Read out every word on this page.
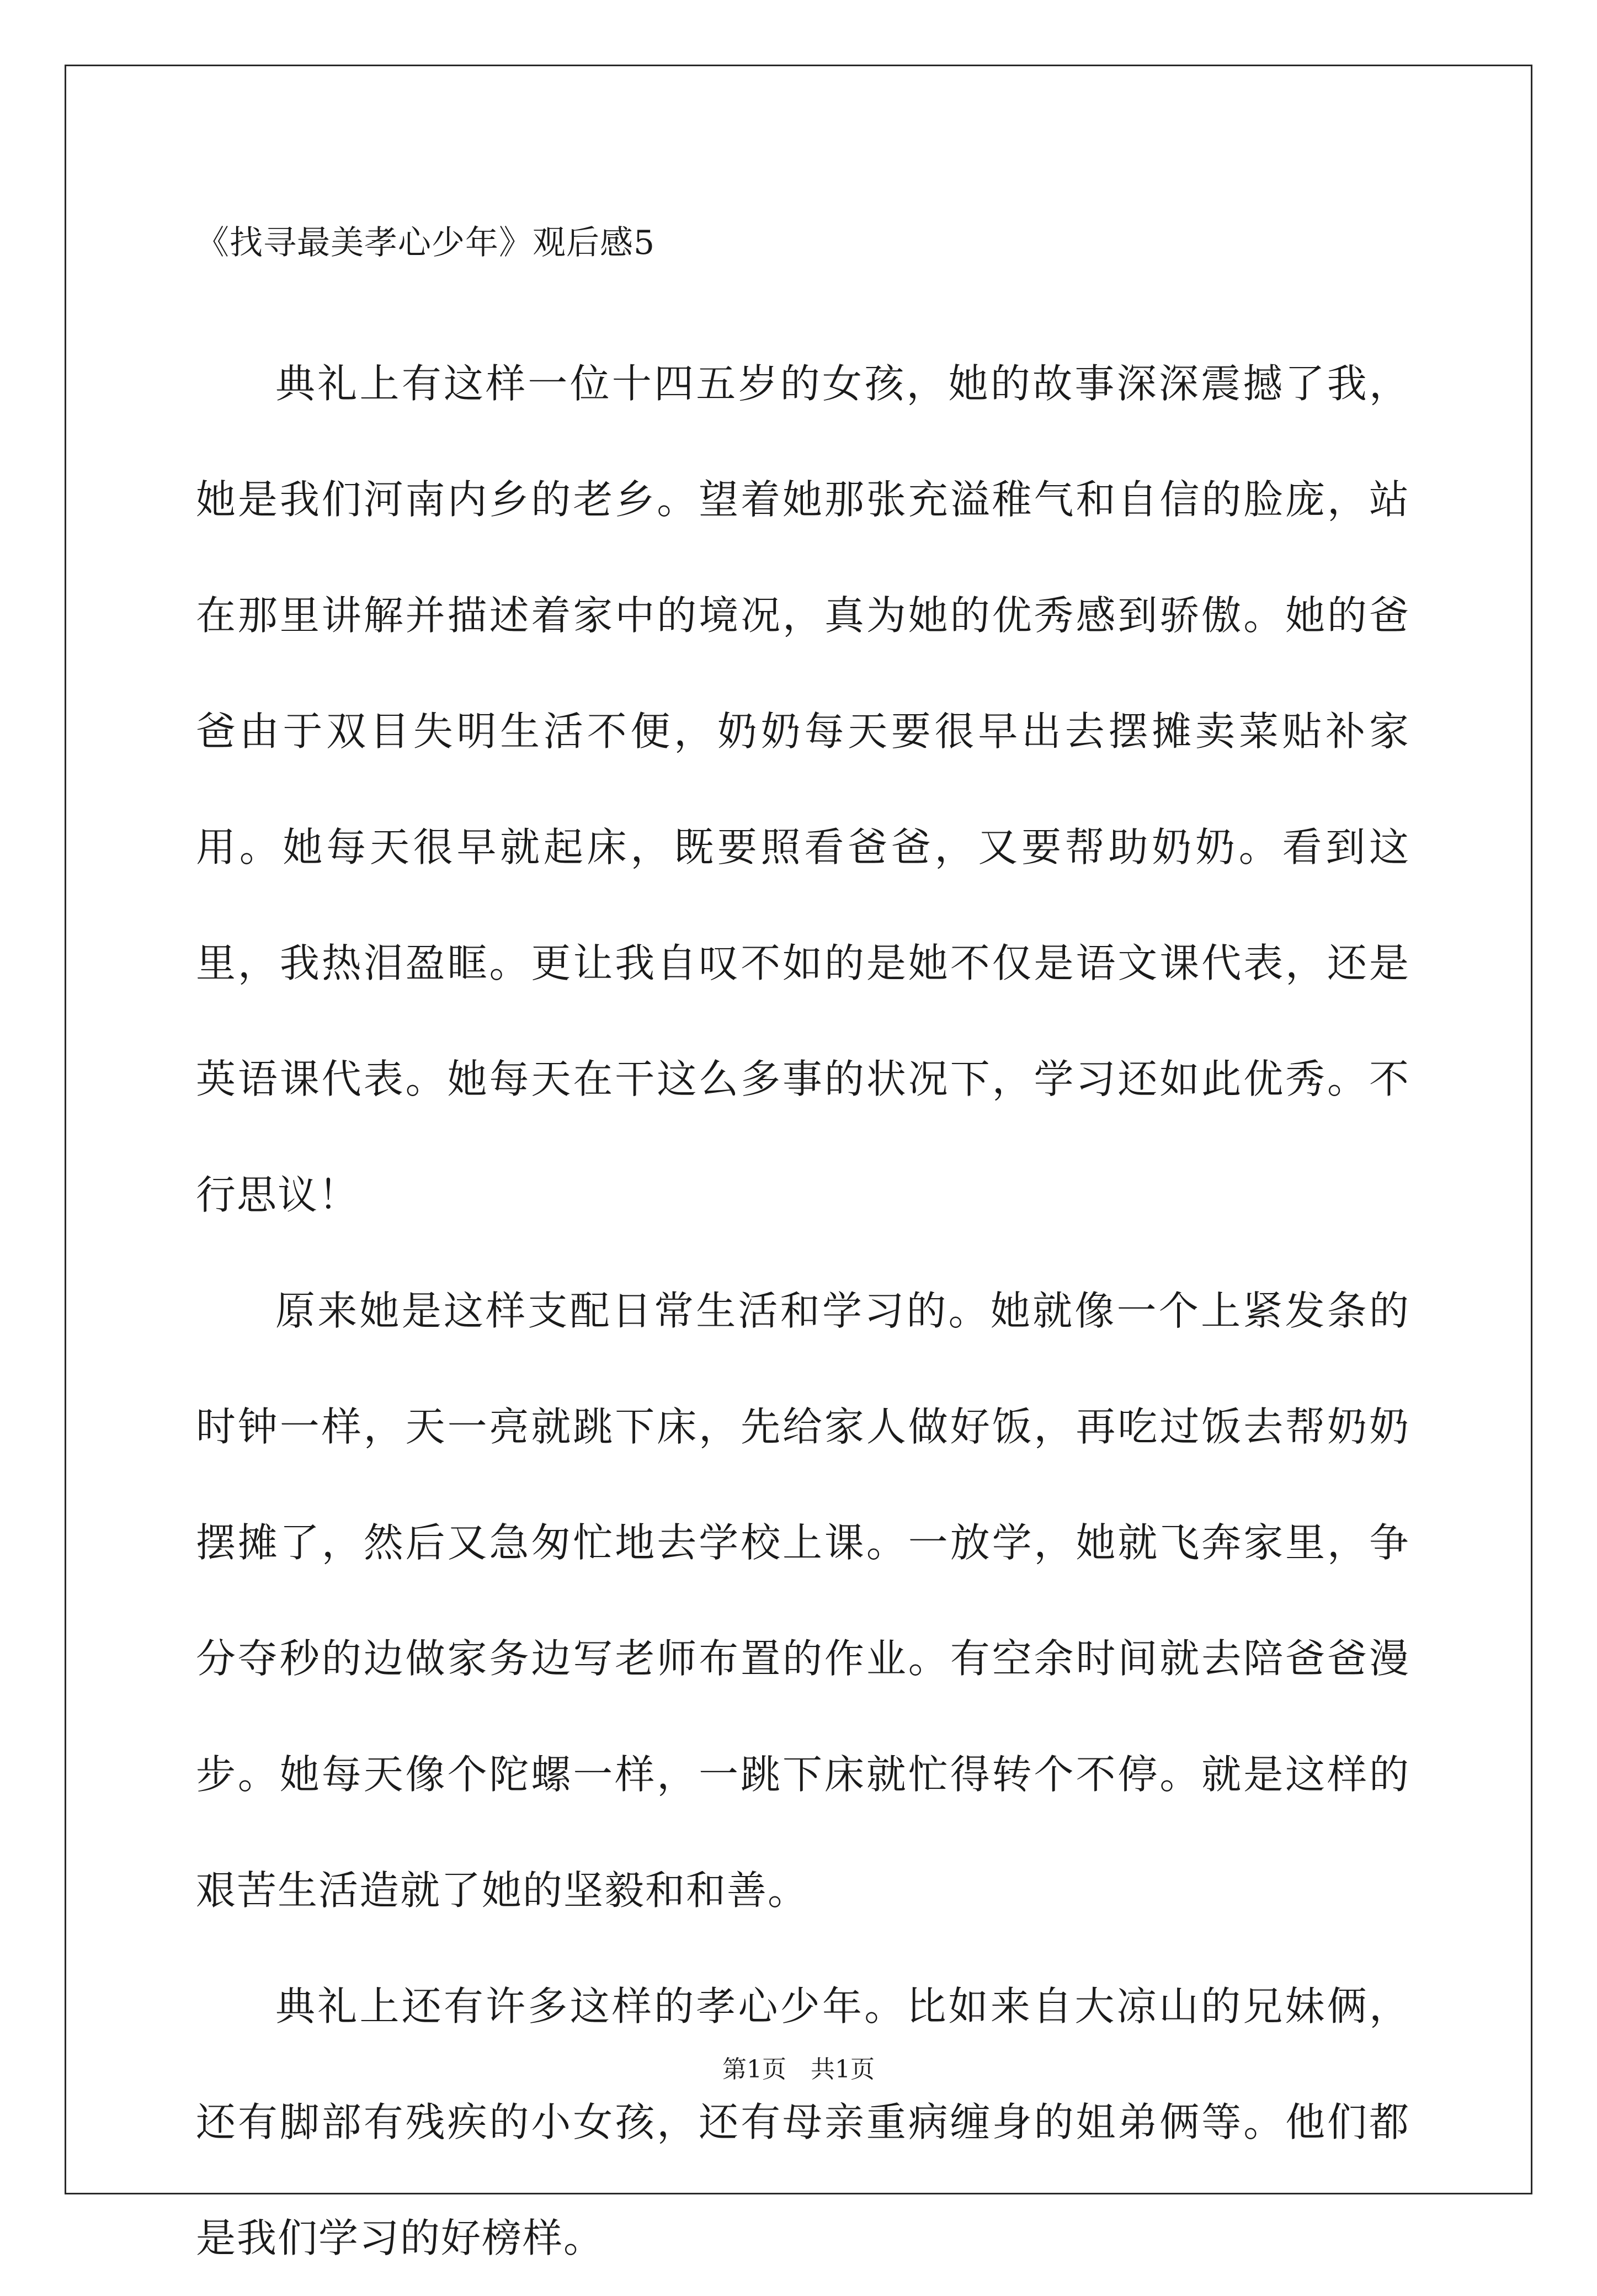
《找寻最美孝心少年》观后感5

典礼上有这样一位十四五岁的女孩，她的故事深深震撼了我，她是我们河南内乡的老乡。望着她那张充溢稚气和自信的脸庞，站在那里讲解并描述着家中的境况，真为她的优秀感到骄傲。她的爸爸由于双目失明生活不便，奶奶每天要很早出去摆摊卖菜贴补家用。她每天很早就起床，既要照看爸爸，又要帮助奶奶。看到这里，我热泪盈眶。更让我自叹不如的是她不仅是语文课代表，还是英语课代表。她每天在干这么多事的状况下，学习还如此优秀。不行思议！

原来她是这样支配日常生活和学习的。她就像一个上紧发条的时钟一样，天一亮就跳下床，先给家人做好饭，再吃过饭去帮奶奶摆摊了，然后又急匆忙地去学校上课。一放学，她就飞奔家里，争分夺秒的边做家务边写老师布置的作业。有空余时间就去陪爸爸漫步。她每天像个陀螺一样，一跳下床就忙得转个不停。就是这样的艰苦生活造就了她的坚毅和和善。

典礼上还有许多这样的孝心少年。比如来自大凉山的兄妹俩，还有脚部有残疾的小女孩，还有母亲重病缠身的姐弟俩等。他们都是我们学习的好榜样。

第1页 共1页
